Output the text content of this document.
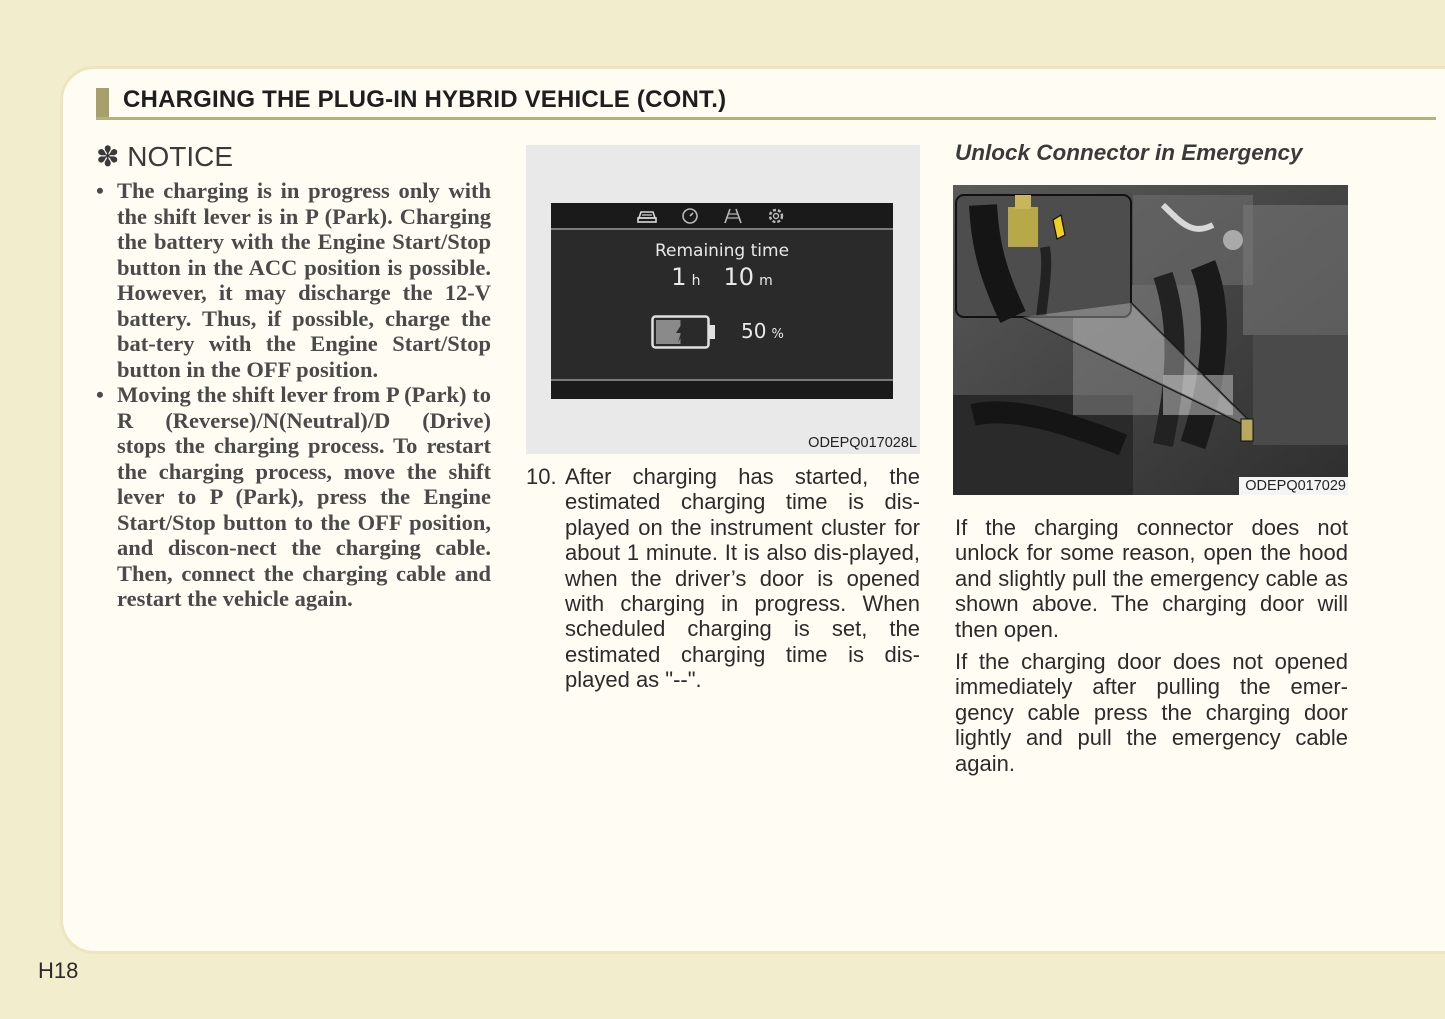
CHARGING THE PLUG-IN HYBRID VEHICLE (CONT.)
✽ NOTICE
• The charging is in progress only with the shift lever is in P (Park). Charging the battery with the Engine Start/Stop button in the ACC position is possible. However, it may discharge the 12-V battery. Thus, if possible, charge the bat-tery with the Engine Start/Stop button in the OFF position.
• Moving the shift lever from P (Park) to R (Reverse)/N(Neutral)/D (Drive) stops the charging process. To restart the charging process, move the shift lever to P (Park), press the Engine Start/Stop button to the OFF position, and discon-nect the charging cable. Then, connect the charging cable and restart the vehicle again.
Remaining time
1 h 10 m
50 %
ODEPQ017028L
10. After charging has started, the estimated charging time is dis-played on the instrument cluster for about 1 minute. It is also dis-played, when the driver’s door is opened with charging in progress. When scheduled charging is set, the estimated charging time is dis-played as "--".
Unlock Connector in Emergency
ODEPQ017029
If the charging connector does not unlock for some reason, open the hood and slightly pull the emergency cable as shown above. The charging door will then open.
If the charging door does not opened immediately after pulling the emer-gency cable press the charging door lightly and pull the emergency cable again.
H18
